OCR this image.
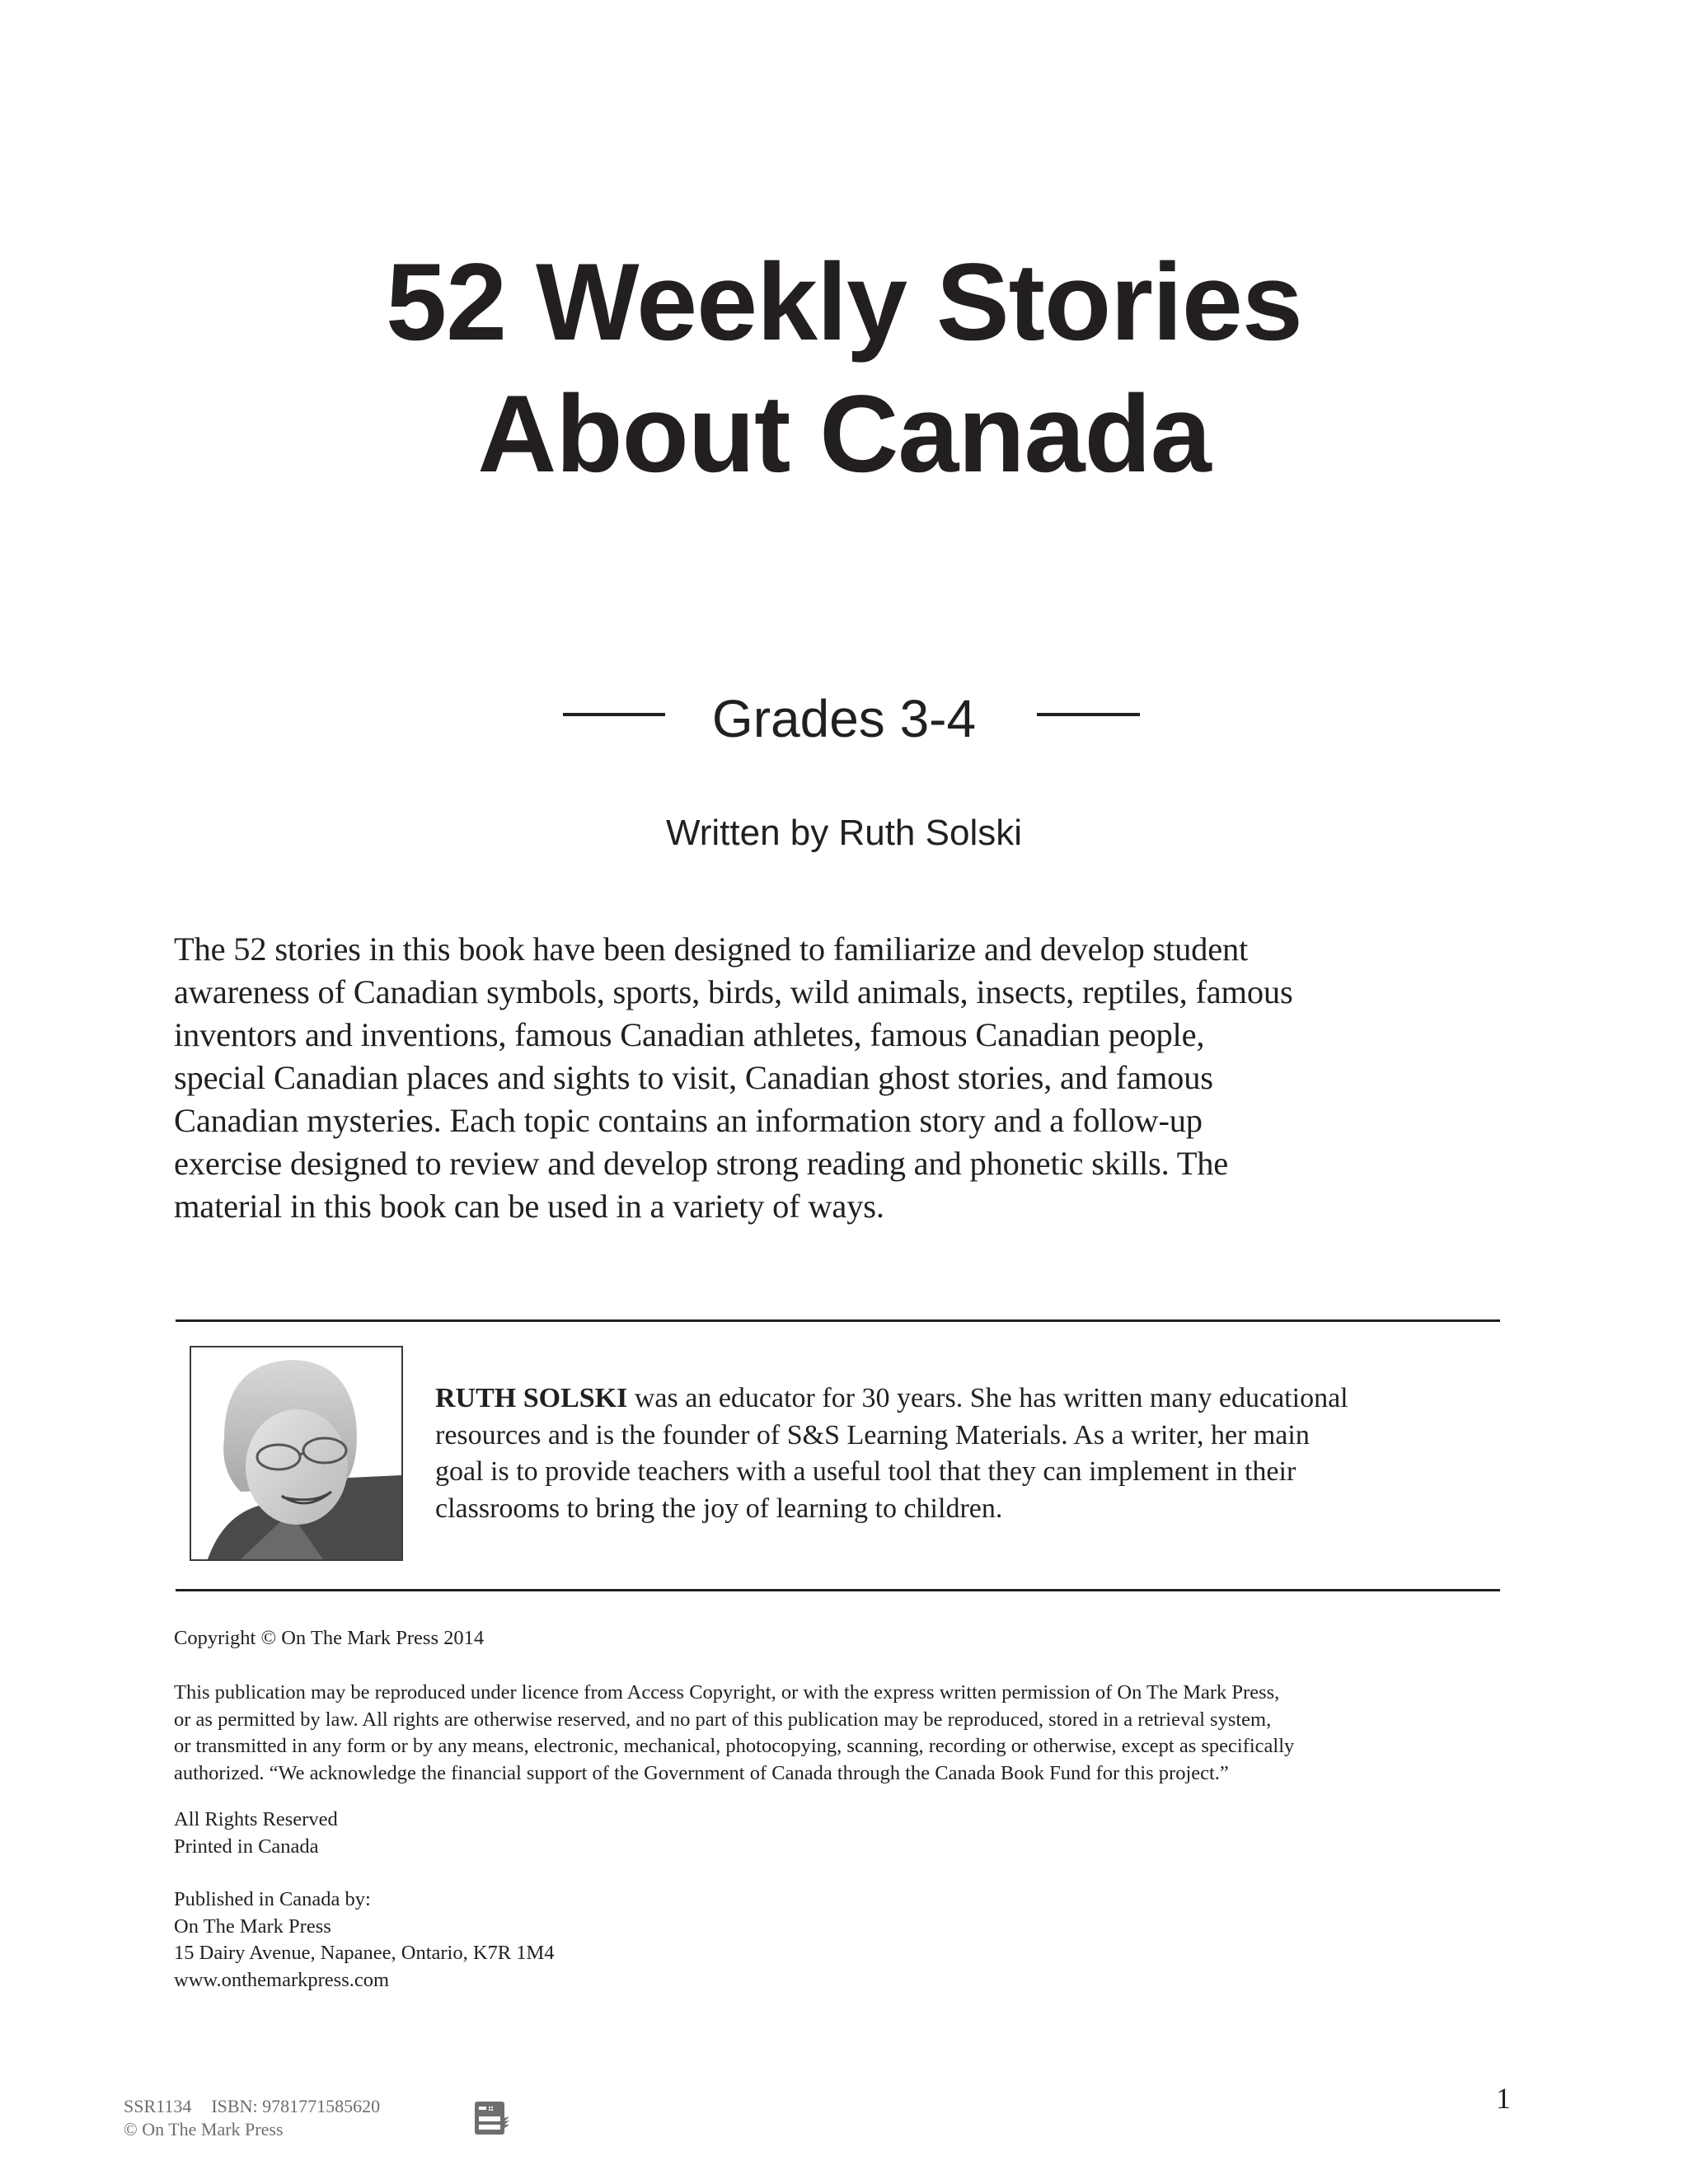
52 Weekly Stories
About Canada
Grades 3-4
Written by Ruth Solski
The 52 stories in this book have been designed to familiarize and develop student
awareness of Canadian symbols, sports, birds, wild animals, insects, reptiles, famous
inventors and inventions, famous Canadian athletes, famous Canadian people,
special Canadian places and sights to visit, Canadian ghost stories, and famous
Canadian mysteries. Each topic contains an information story and a follow-up
exercise designed to review and develop strong reading and phonetic skills. The
material in this book can be used in a variety of ways.
RUTH SOLSKI was an educator for 30 years. She has written many educational
resources and is the founder of S&S Learning Materials. As a writer, her main
goal is to provide teachers with a useful tool that they can implement in their
classrooms to bring the joy of learning to children.
Copyright © On The Mark Press 2014
This publication may be reproduced under licence from Access Copyright, or with the express written permission of On The Mark Press,
or as permitted by law. All rights are otherwise reserved, and no part of this publication may be reproduced, stored in a retrieval system,
or transmitted in any form or by any means, electronic, mechanical, photocopying, scanning, recording or otherwise, except as specifically
authorized. “We acknowledge the financial support of the Government of Canada through the Canada Book Fund for this project.”
All Rights Reserved
Printed in Canada
Published in Canada by:
On The Mark Press
15 Dairy Avenue, Napanee, Ontario, K7R 1M4
www.onthemarkpress.com
SSR1134 ISBN: 9781771585620
© On The Mark Press
1
